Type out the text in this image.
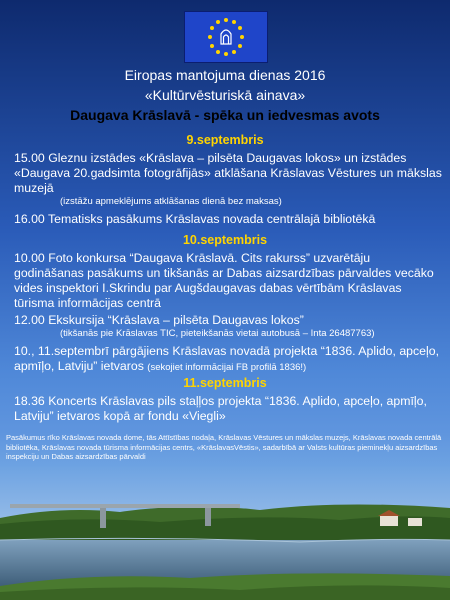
Eiropas mantojuma dienas 2016
«Kultūrvēsturiskā ainava»
Daugava Krāslavā - spēka un iedvesmas avots
9.septembris
15.00 Gleznu izstādes «Krāslava – pilsēta Daugavas lokos» un izstādes «Daugava 20.gadsimta fotogrāfijās» atklāšana Krāslavas Vēstures un mākslas muzejā
(izstāžu apmeklējums atklāšanas dienā bez maksas)
16.00 Tematisks pasākums Krāslavas novada centrālajā bibliotēkā
10.septembris
10.00 Foto konkursa “Daugava Krāslavā. Cits rakurss” uzvarētāju godināšanas pasākums un tikšanās ar Dabas aizsardzības pārvaldes vecāko vides inspektori I.Skrindu par Augšdaugavas dabas vērtībām Krāslavas tūrisma informācijas centrā
12.00 Ekskursija “Krāslava – pilsēta Daugavas lokos”
(tikšanās pie Krāslavas TIC, pieteikšanās vietai autobusā – Inta 26487763)
10., 11.septembrī pārgājiens Krāslavas novadā projekta “1836. Aplido, apceļo, apmīļo, Latviju” ietvaros (sekojiet informācijai FB profilā 1836!)
11.septembris
18.36 Koncerts Krāslavas pils staļļos projekta “1836. Aplido, apceļo, apmīļo, Latviju” ietvaros kopā ar fondu «Viegli»
Pasākumus rīko Krāslavas novada dome, tās Attīstības nodaļa, Krāslavas Vēstures un mākslas muzejs, Krāslavas novada centrālā bibliotēka, Krāslavas novada tūrisma informācijas centrs, «KrāslavasVēstis», sadarbībā ar Valsts kultūras pieminekļu aizsardzības inspekciju un Dabas aizsardzības pārvaldi
